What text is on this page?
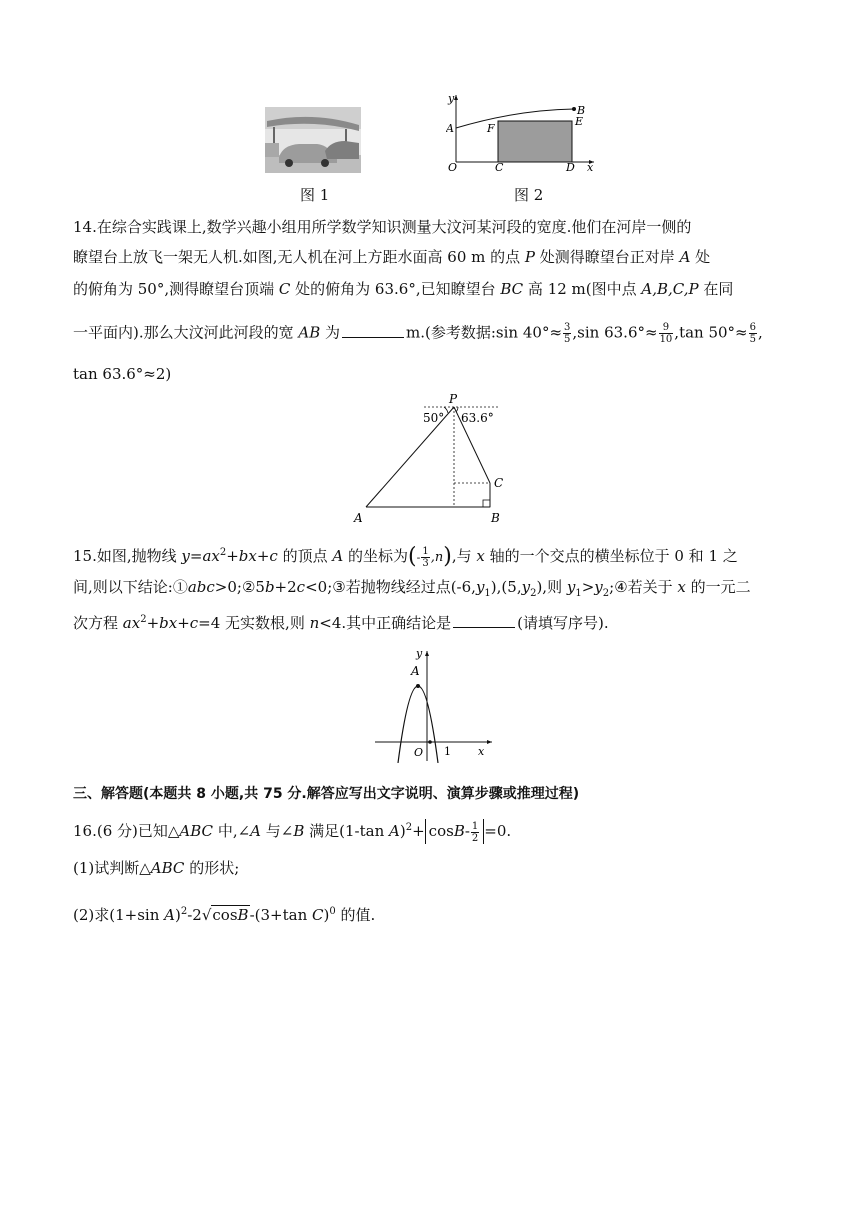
图 1
y
B
A	F
E
O	C	D x
图 2
14.在综合实践课上,数学兴趣小组用所学数学知识测量大汶河某河段的宽度.他们在河岸一侧的
瞭望台上放飞一架无人机.如图,无人机在河上方距水面高 60 m 的点 P 处测得瞭望台正对岸 A 处
的俯角为 50°,测得瞭望台顶端 C 处的俯角为 63.6°,已知瞭望台 BC 高 12 m(图中点 A,B,C,P 在同
一平面内).那么大汶河此河段的宽 AB 为	m.(参考数据:sin $40^\circ\approx \frac{3}{5} ,\sin$ $63.6^\circ\approx \frac{9}{10} ,\tan$ $50^\circ\approx \frac{6}{5}$ ,
tan 63.6°≈2)
P
50° 63.6°
C
A	B
15.如图,抛物线 $y=ax^2+bx+c$ 的顶点 A 的坐标为(- $\frac{1}{3} ,n$),与 x 轴的一个交点的横坐标位于 0 和 1 之
间,则以下结论:①abc>0;②5b+2c<0;③若抛物线经过点$(-6,y_1),(5,y_2)$,则 $y_1>y_2;④$若关于 x 的一元二
次方程 $ax^2+bx+c=4$ 无实数根,则 n<4.其中正确结论是	(请填写序号).
y
A
O 1 x
三、解答题(本题共 8 小题,共 75 分.解答应写出文字说明、演算步骤或推理过程)
16.(6 分)已知△ABC 中,∠A 与∠B 满足(1-tan $A)^2+ \cos B- \frac{1}{2} =0$.
(1)试判断△ABC 的形状;
(2)求(1+sin A)$^2$-2√cosB-(3+tan C)$^0$ 的值.
